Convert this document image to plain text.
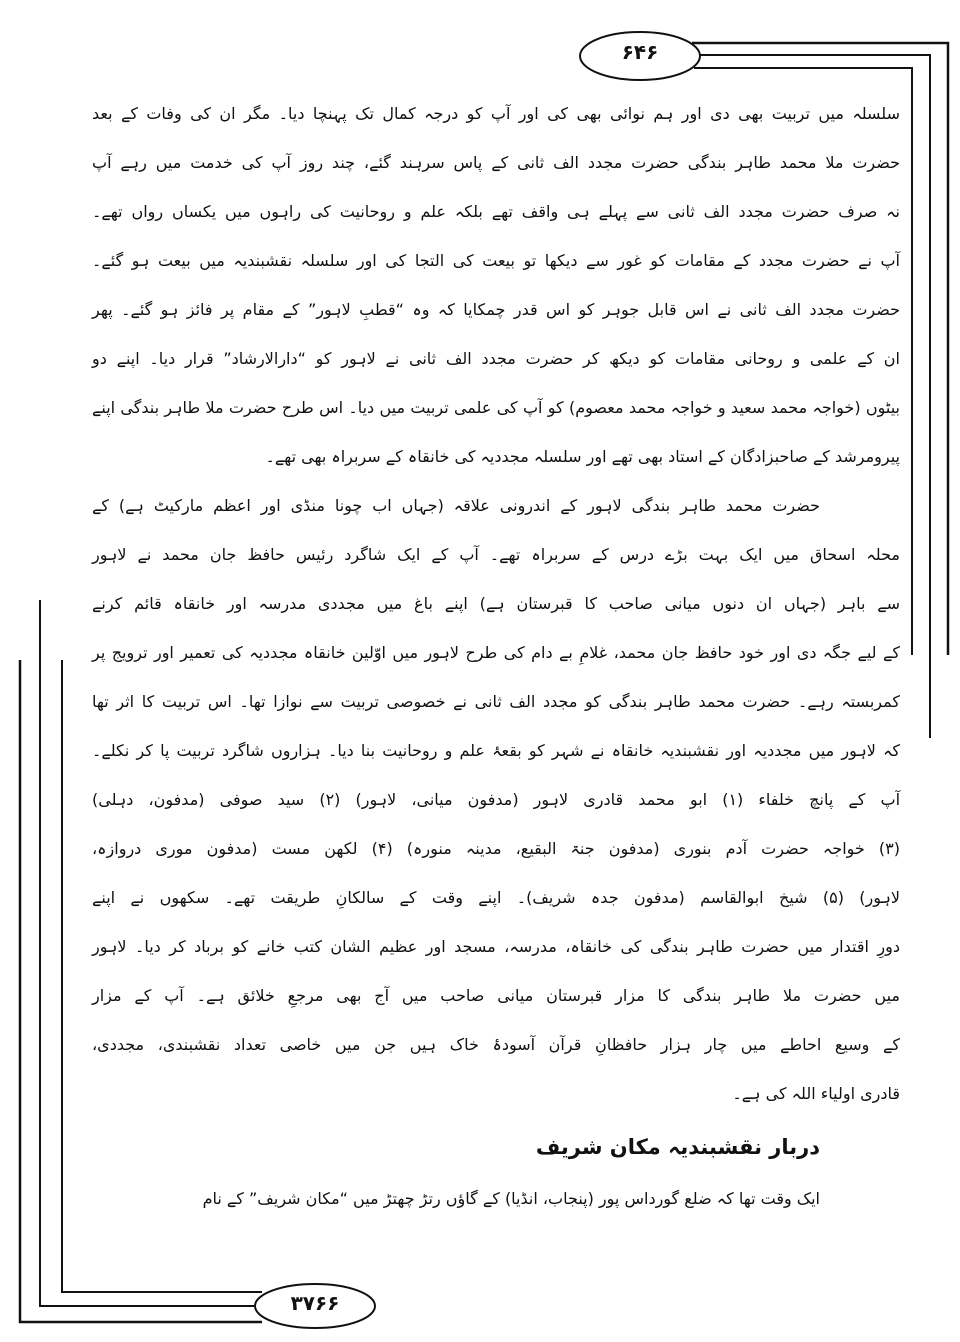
۶۴۶
۳۷۶۶
سلسلہ میں تربیت بھی دی اور ہم نوائی بھی کی اور آپ کو درجہ کمال تک پہنچا دیا۔ مگر ان کی وفات کے بعد
حضرت ملا محمد طاہر بندگی حضرت مجدد الف ثانی کے پاس سرہند گئے، چند روز آپ کی خدمت میں رہے آپ
نہ صرف حضرت مجدد الف ثانی سے پہلے ہی واقف تھے بلکہ علم و روحانیت کی راہوں میں یکساں رواں تھے۔
آپ نے حضرت مجدد کے مقامات کو غور سے دیکھا تو بیعت کی التجا کی اور سلسلہ نقشبندیہ میں بیعت ہو گئے۔
حضرت مجدد الف ثانی نے اس قابل جوہر کو اس قدر چمکایا کہ وہ “قطبِ لاہور” کے مقام پر فائز ہو گئے۔ پھر
ان کے علمی و روحانی مقامات کو دیکھ کر حضرت مجدد الف ثانی نے لاہور کو “دارالارشاد” قرار دیا۔ اپنے دو
بیٹوں (خواجہ محمد سعید و خواجہ محمد معصوم) کو آپ کی علمی تربیت میں دیا۔ اس طرح حضرت ملا طاہر بندگی اپنے
پیرومرشد کے صاحبزادگان کے استاد بھی تھے اور سلسلہ مجددیہ کی خانقاہ کے سربراہ بھی تھے۔
حضرت محمد طاہر بندگی لاہور کے اندرونی علاقہ (جہاں اب چونا منڈی اور اعظم مارکیٹ ہے) کے
محلہ اسحاق میں ایک بہت بڑے درس کے سربراہ تھے۔ آپ کے ایک شاگرد رئیس حافظ جان محمد نے لاہور
سے باہر (جہاں ان دنوں میانی صاحب کا قبرستان ہے) اپنے باغ میں مجددی مدرسہ اور خانقاہ قائم کرنے
کے لیے جگہ دی اور خود حافظ جان محمد، غلامِ بے دام کی طرح لاہور میں اوّلین خانقاہ مجددیہ کی تعمیر اور ترویج پر
کمربستہ رہے۔ حضرت محمد طاہر بندگی کو مجدد الف ثانی نے خصوصی تربیت سے نوازا تھا۔ اس تربیت کا اثر تھا
کہ لاہور میں مجددیہ اور نقشبندیہ خانقاہ نے شہر کو بقعۂ علم و روحانیت بنا دیا۔ ہزاروں شاگرد تربیت پا کر نکلے۔
آپ کے پانچ خلفاء (۱) ابو محمد قادری لاہور (مدفون میانی، لاہور) (۲) سید صوفی (مدفون، دہلی)
(۳) خواجہ حضرت آدم بنوری (مدفون جنۃ البقیع، مدینہ منورہ) (۴) لکھن مست (مدفون موری دروازہ،
لاہور) (۵) شیخ ابوالقاسم (مدفون جدہ شریف)۔ اپنے وقت کے سالکانِ طریقت تھے۔ سکھوں نے اپنے
دورِ اقتدار میں حضرت طاہر بندگی کی خانقاہ، مدرسہ، مسجد اور عظیم الشان کتب خانے کو برباد کر دیا۔ لاہور
میں حضرت ملا طاہر بندگی کا مزار قبرستان میانی صاحب میں آج بھی مرجعِ خلائق ہے۔ آپ کے مزار
کے وسیع احاطے میں چار ہزار حافظانِ قرآن آسودۂ خاک ہیں جن میں خاصی تعداد نقشبندی، مجددی،
قادری اولیاء اللہ کی ہے۔
دربار نقشبندیہ مکان شریف
ایک وقت تھا کہ ضلع گورداس پور (پنجاب، انڈیا) کے گاؤں رتڑ چھتڑ میں “مکان شریف” کے نام
